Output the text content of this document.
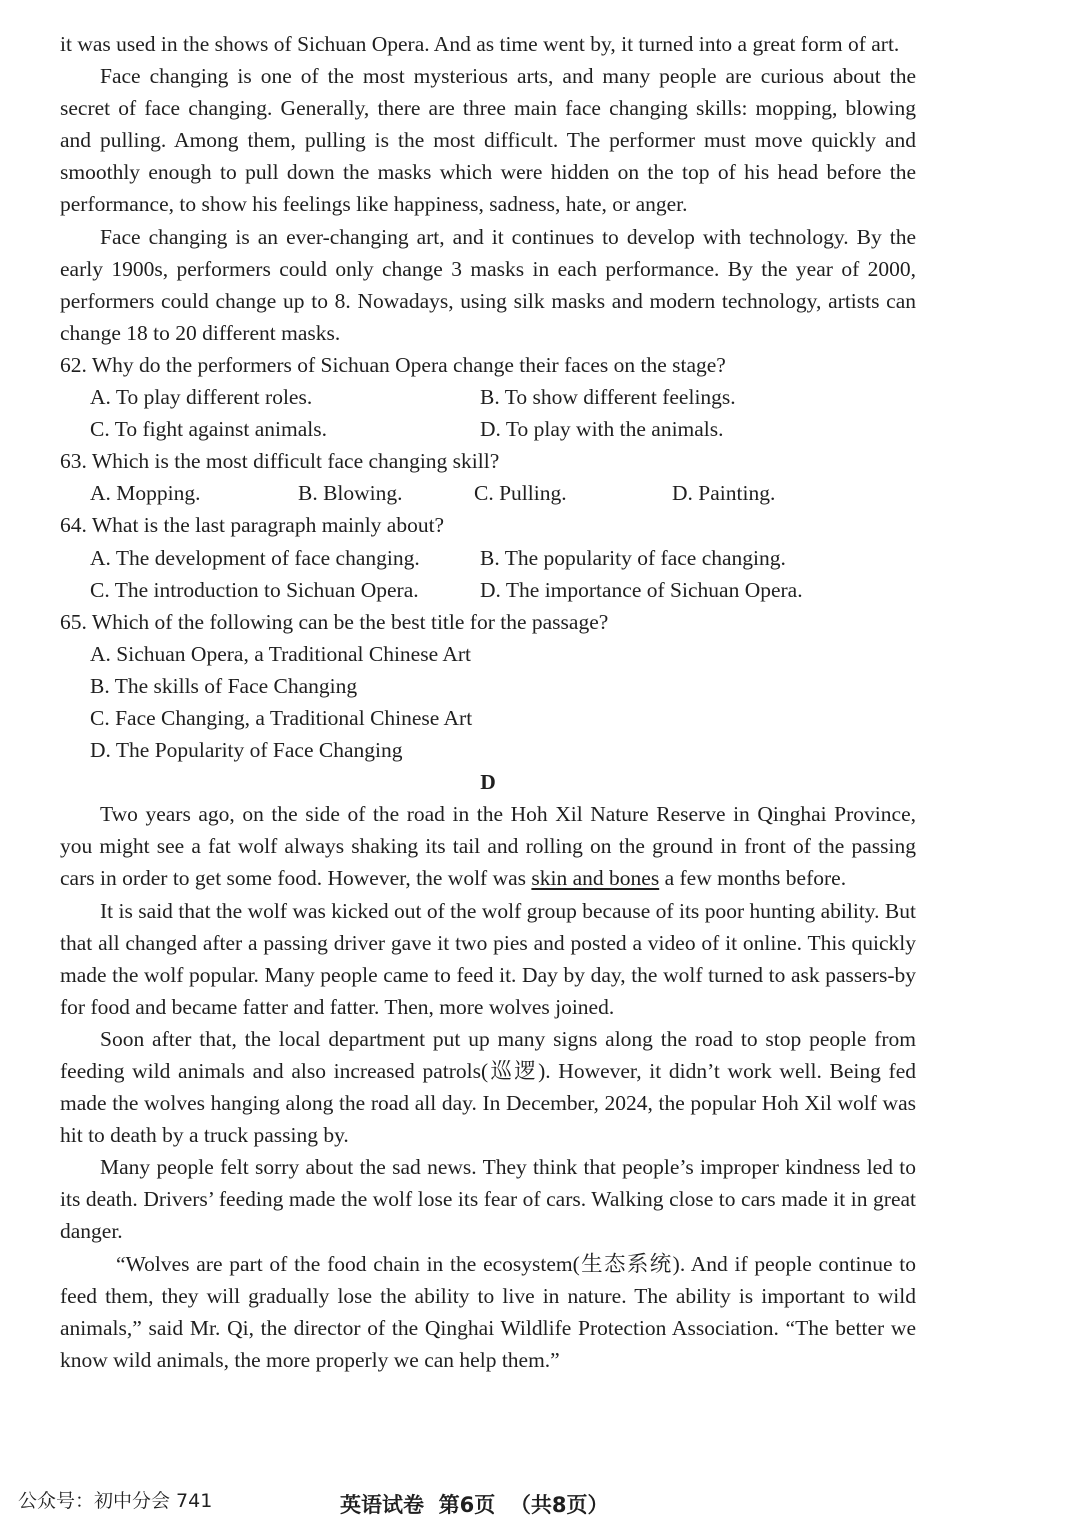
it was used in the shows of Sichuan Opera. And as time went by, it turned into a great form of art.

Face changing is one of the most mysterious arts, and many people are curious about the secret of face changing. Generally, there are three main face changing skills: mopping, blowing and pulling. Among them, pulling is the most difficult. The performer must move quickly and smoothly enough to pull down the masks which were hidden on the top of his head before the performance, to show his feelings like happiness, sadness, hate, or anger.

Face changing is an ever-changing art, and it continues to develop with technology. By the early 1900s, performers could only change 3 masks in each performance. By the year of 2000, performers could change up to 8. Nowadays, using silk masks and modern technology, artists can change 18 to 20 different masks.

62. Why do the performers of Sichuan Opera change their faces on the stage?

A. To play different roles.	B. To show different feelings.
C. To fight against animals.	D. To play with the animals.

63. Which is the most difficult face changing skill?

A. Mopping.	B. Blowing.	C. Pulling.	D. Painting.

64. What is the last paragraph mainly about?

A. The development of face changing.	B. The popularity of face changing.
C. The introduction to Sichuan Opera.	D. The importance of Sichuan Opera.

65. Which of the following can be the best title for the passage?

A. Sichuan Opera, a Traditional Chinese Art
B. The skills of Face Changing
C. Face Changing, a Traditional Chinese Art
D. The Popularity of Face Changing

D

Two years ago, on the side of the road in the Hoh Xil Nature Reserve in Qinghai Province, you might see a fat wolf always shaking its tail and rolling on the ground in front of the passing cars in order to get some food. However, the wolf was skin and bones a few months before.

It is said that the wolf was kicked out of the wolf group because of its poor hunting ability. But that all changed after a passing driver gave it two pies and posted a video of it online. This quickly made the wolf popular. Many people came to feed it. Day by day, the wolf turned to ask passers-by for food and became fatter and fatter. Then, more wolves joined.

Soon after that, the local department put up many signs along the road to stop people from feeding wild animals and also increased patrols(巡逻). However, it didn’t work well. Being fed made the wolves hanging along the road all day. In December, 2024, the popular Hoh Xil wolf was hit to death by a truck passing by.

Many people felt sorry about the sad news. They think that people’s improper kindness led to its death. Drivers’ feeding made the wolf lose its fear of cars. Walking close to cars made it in great danger.

“Wolves are part of the food chain in the ecosystem(生态系统). And if people continue to feed them, they will gradually lose the ability to live in nature. The ability is important to wild animals,” said Mr. Qi, the director of the Qinghai Wildlife Protection Association. “The better we know wild animals, the more properly we can help them.”

公众号：初中分会 741	英语试卷  第6页  （共8页）
